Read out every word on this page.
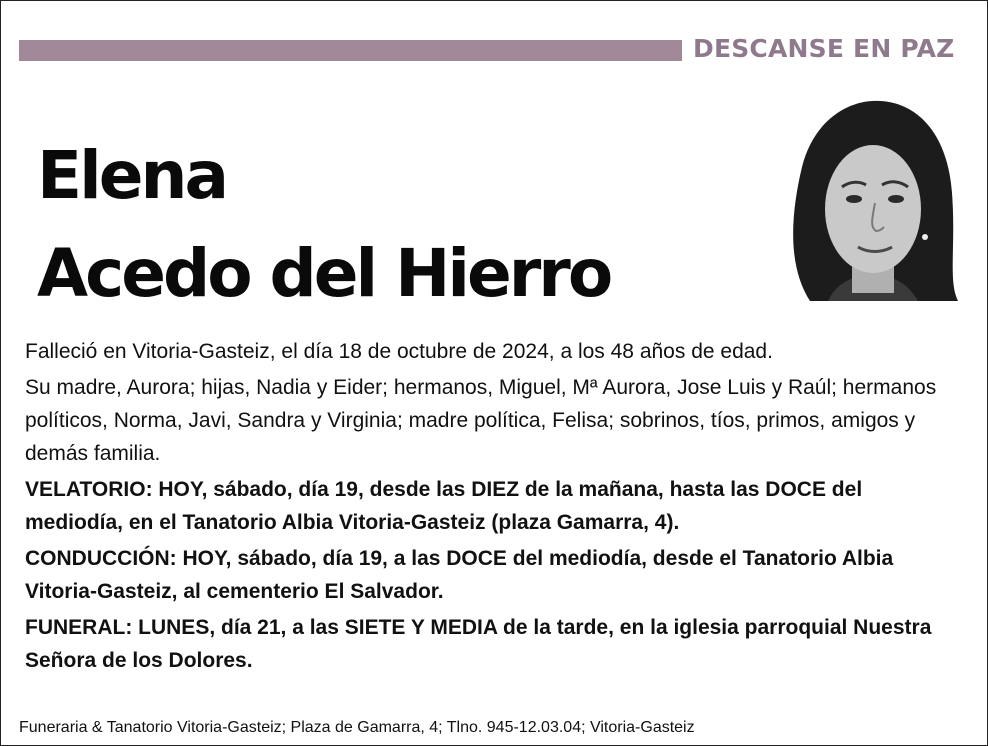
DESCANSE EN PAZ
Elena
Acedo del Hierro

Falleció en Vitoria-Gasteiz, el día 18 de octubre de 2024, a los 48 años de edad.

Su madre, Aurora; hijas, Nadia y Eider; hermanos, Miguel, Mª Aurora, Jose Luis y Raúl; hermanos políticos, Norma, Javi, Sandra y Virginia; madre política, Felisa; sobrinos, tíos, primos, amigos y demás familia.

VELATORIO: HOY, sábado, día 19, desde las DIEZ de la mañana, hasta las DOCE del mediodía, en el Tanatorio Albia Vitoria-Gasteiz (plaza Gamarra, 4).

CONDUCCIÓN: HOY, sábado, día 19, a las DOCE del mediodía, desde el Tanatorio Albia Vitoria-Gasteiz, al cementerio El Salvador.

FUNERAL: LUNES, día 21, a las SIETE Y MEDIA de la tarde, en la iglesia parroquial Nuestra Señora de los Dolores.

Funeraria & Tanatorio Vitoria-Gasteiz; Plaza de Gamarra, 4; Tlno. 945-12.03.04; Vitoria-Gasteiz
